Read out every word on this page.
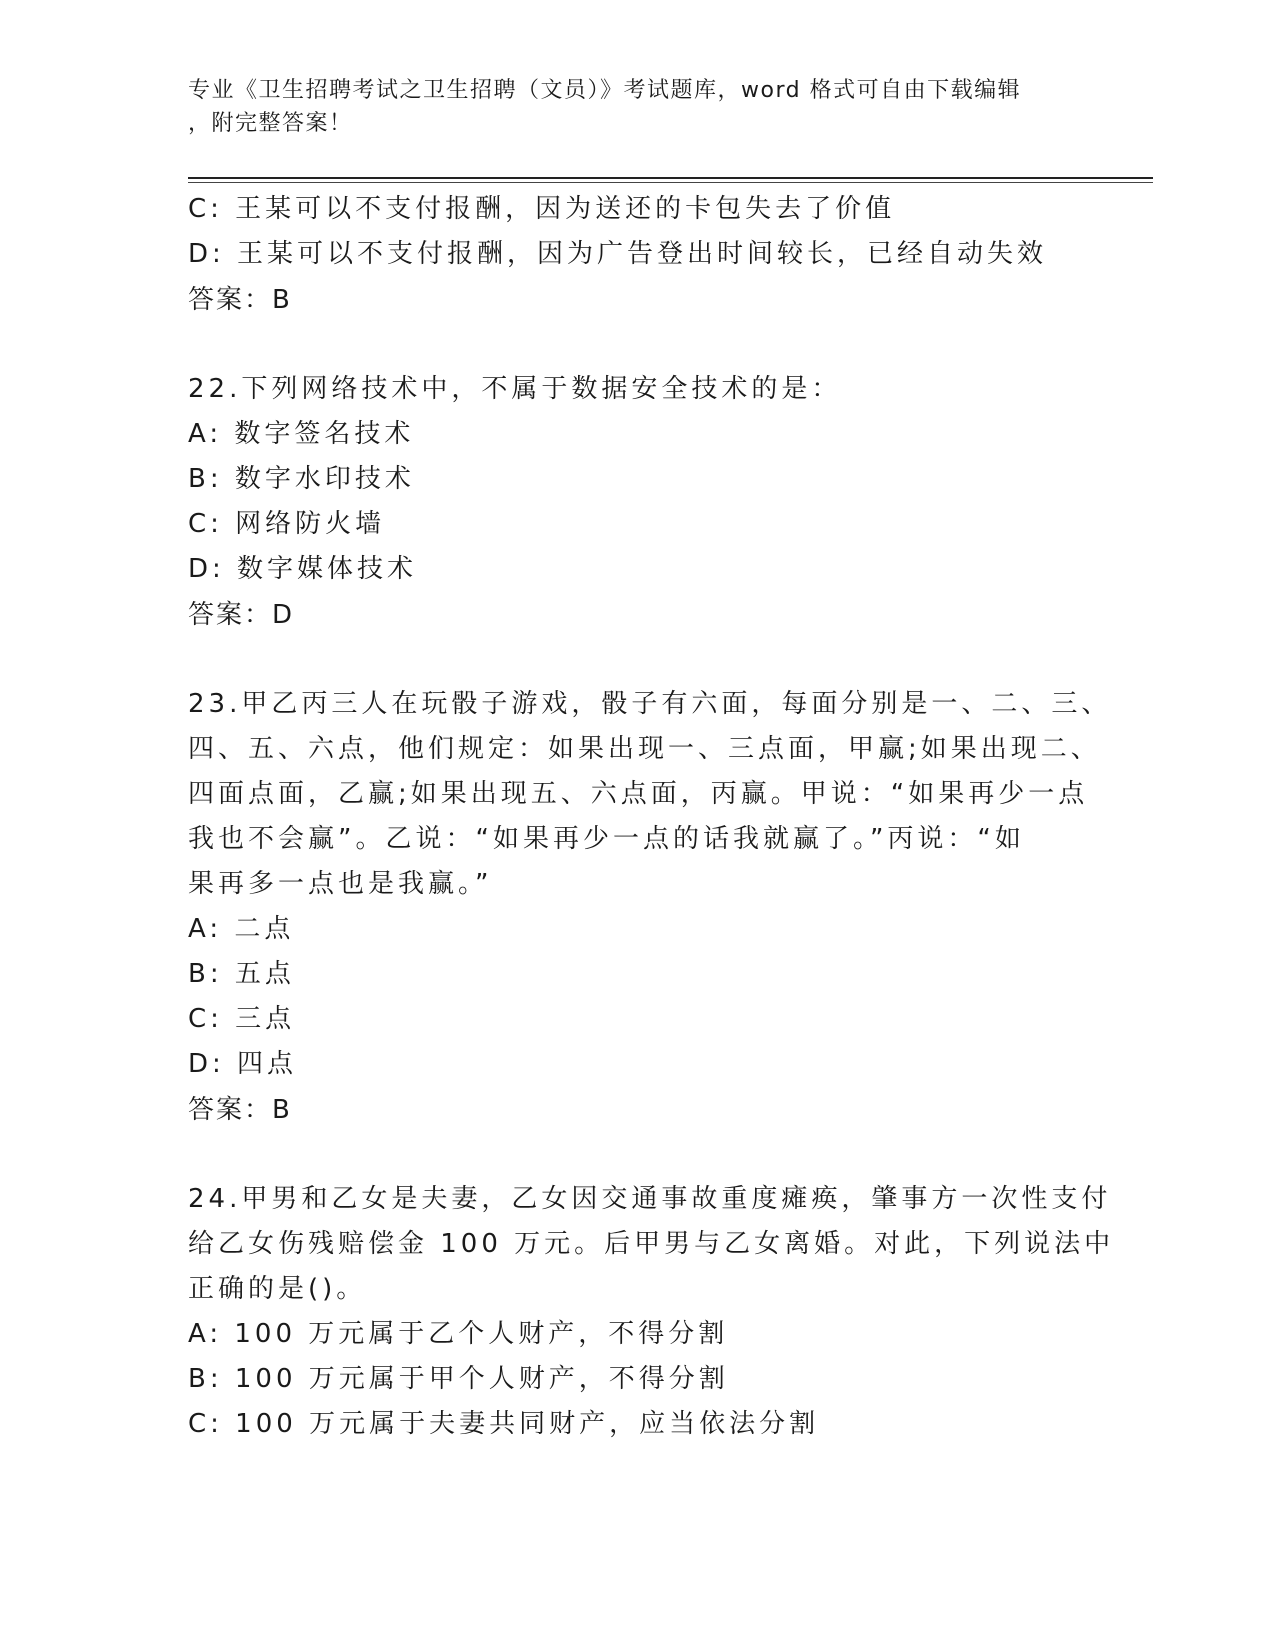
专业《卫生招聘考试之卫生招聘（文员）》考试题库，word 格式可自由下载编辑
，附完整答案！
C: 王某可以不支付报酬，因为送还的卡包失去了价值
D: 王某可以不支付报酬，因为广告登出时间较长，已经自动失效
答案：B
22.下列网络技术中，不属于数据安全技术的是：
A: 数字签名技术
B: 数字水印技术
C: 网络防火墙
D: 数字媒体技术
答案：D
23.甲乙丙三人在玩骰子游戏，骰子有六面，每面分别是一、二、三、
四、五、六点，他们规定：如果出现一、三点面，甲赢;如果出现二、
四面点面，乙赢;如果出现五、六点面，丙赢。甲说：“如果再少一点
我也不会赢”。乙说：“如果再少一点的话我就赢了。”丙说：“如
果再多一点也是我赢。”
A: 二点
B: 五点
C: 三点
D: 四点
答案：B
24.甲男和乙女是夫妻，乙女因交通事故重度瘫痪，肇事方一次性支付
给乙女伤残赔偿金 100 万元。后甲男与乙女离婚。对此，下列说法中
正确的是()。
A: 100 万元属于乙个人财产，不得分割
B: 100 万元属于甲个人财产，不得分割
C: 100 万元属于夫妻共同财产，应当依法分割
